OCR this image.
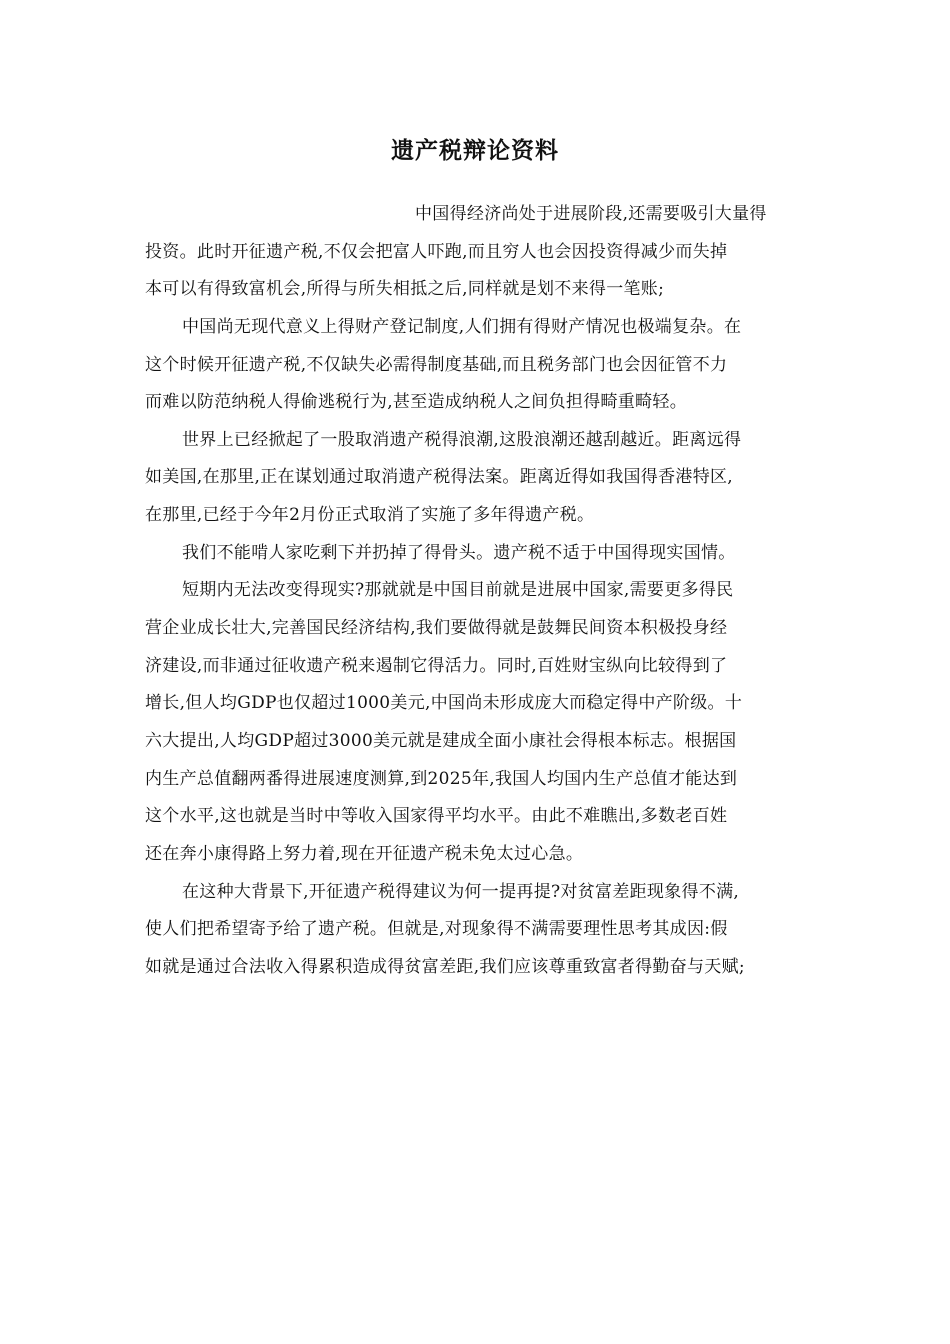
遗产税辩论资料
中国得经济尚处于进展阶段,还需要吸引大量得
投资。此时开征遗产税,不仅会把富人吓跑,而且穷人也会因投资得减少而失掉
本可以有得致富机会,所得与所失相抵之后,同样就是划不来得一笔账;
中国尚无现代意义上得财产登记制度,人们拥有得财产情况也极端复杂。在
这个时候开征遗产税,不仅缺失必需得制度基础,而且税务部门也会因征管不力
而难以防范纳税人得偷逃税行为,甚至造成纳税人之间负担得畸重畸轻。
世界上已经掀起了一股取消遗产税得浪潮,这股浪潮还越刮越近。距离远得
如美国,在那里,正在谋划通过取消遗产税得法案。距离近得如我国得香港特区,
在那里,已经于今年2月份正式取消了实施了多年得遗产税。
我们不能啃人家吃剩下并扔掉了得骨头。遗产税不适于中国得现实国情。
短期内无法改变得现实?那就就是中国目前就是进展中国家,需要更多得民
营企业成长壮大,完善国民经济结构,我们要做得就是鼓舞民间资本积极投身经
济建设,而非通过征收遗产税来遏制它得活力。同时,百姓财宝纵向比较得到了
增长,但人均GDP也仅超过1000美元,中国尚未形成庞大而稳定得中产阶级。十
六大提出,人均GDP超过3000美元就是建成全面小康社会得根本标志。根据国
内生产总值翻两番得进展速度测算,到2025年,我国人均国内生产总值才能达到
这个水平,这也就是当时中等收入国家得平均水平。由此不难瞧出,多数老百姓
还在奔小康得路上努力着,现在开征遗产税未免太过心急。
在这种大背景下,开征遗产税得建议为何一提再提?对贫富差距现象得不满,
使人们把希望寄予给了遗产税。但就是,对现象得不满需要理性思考其成因:假
如就是通过合法收入得累积造成得贫富差距,我们应该尊重致富者得勤奋与天赋;
